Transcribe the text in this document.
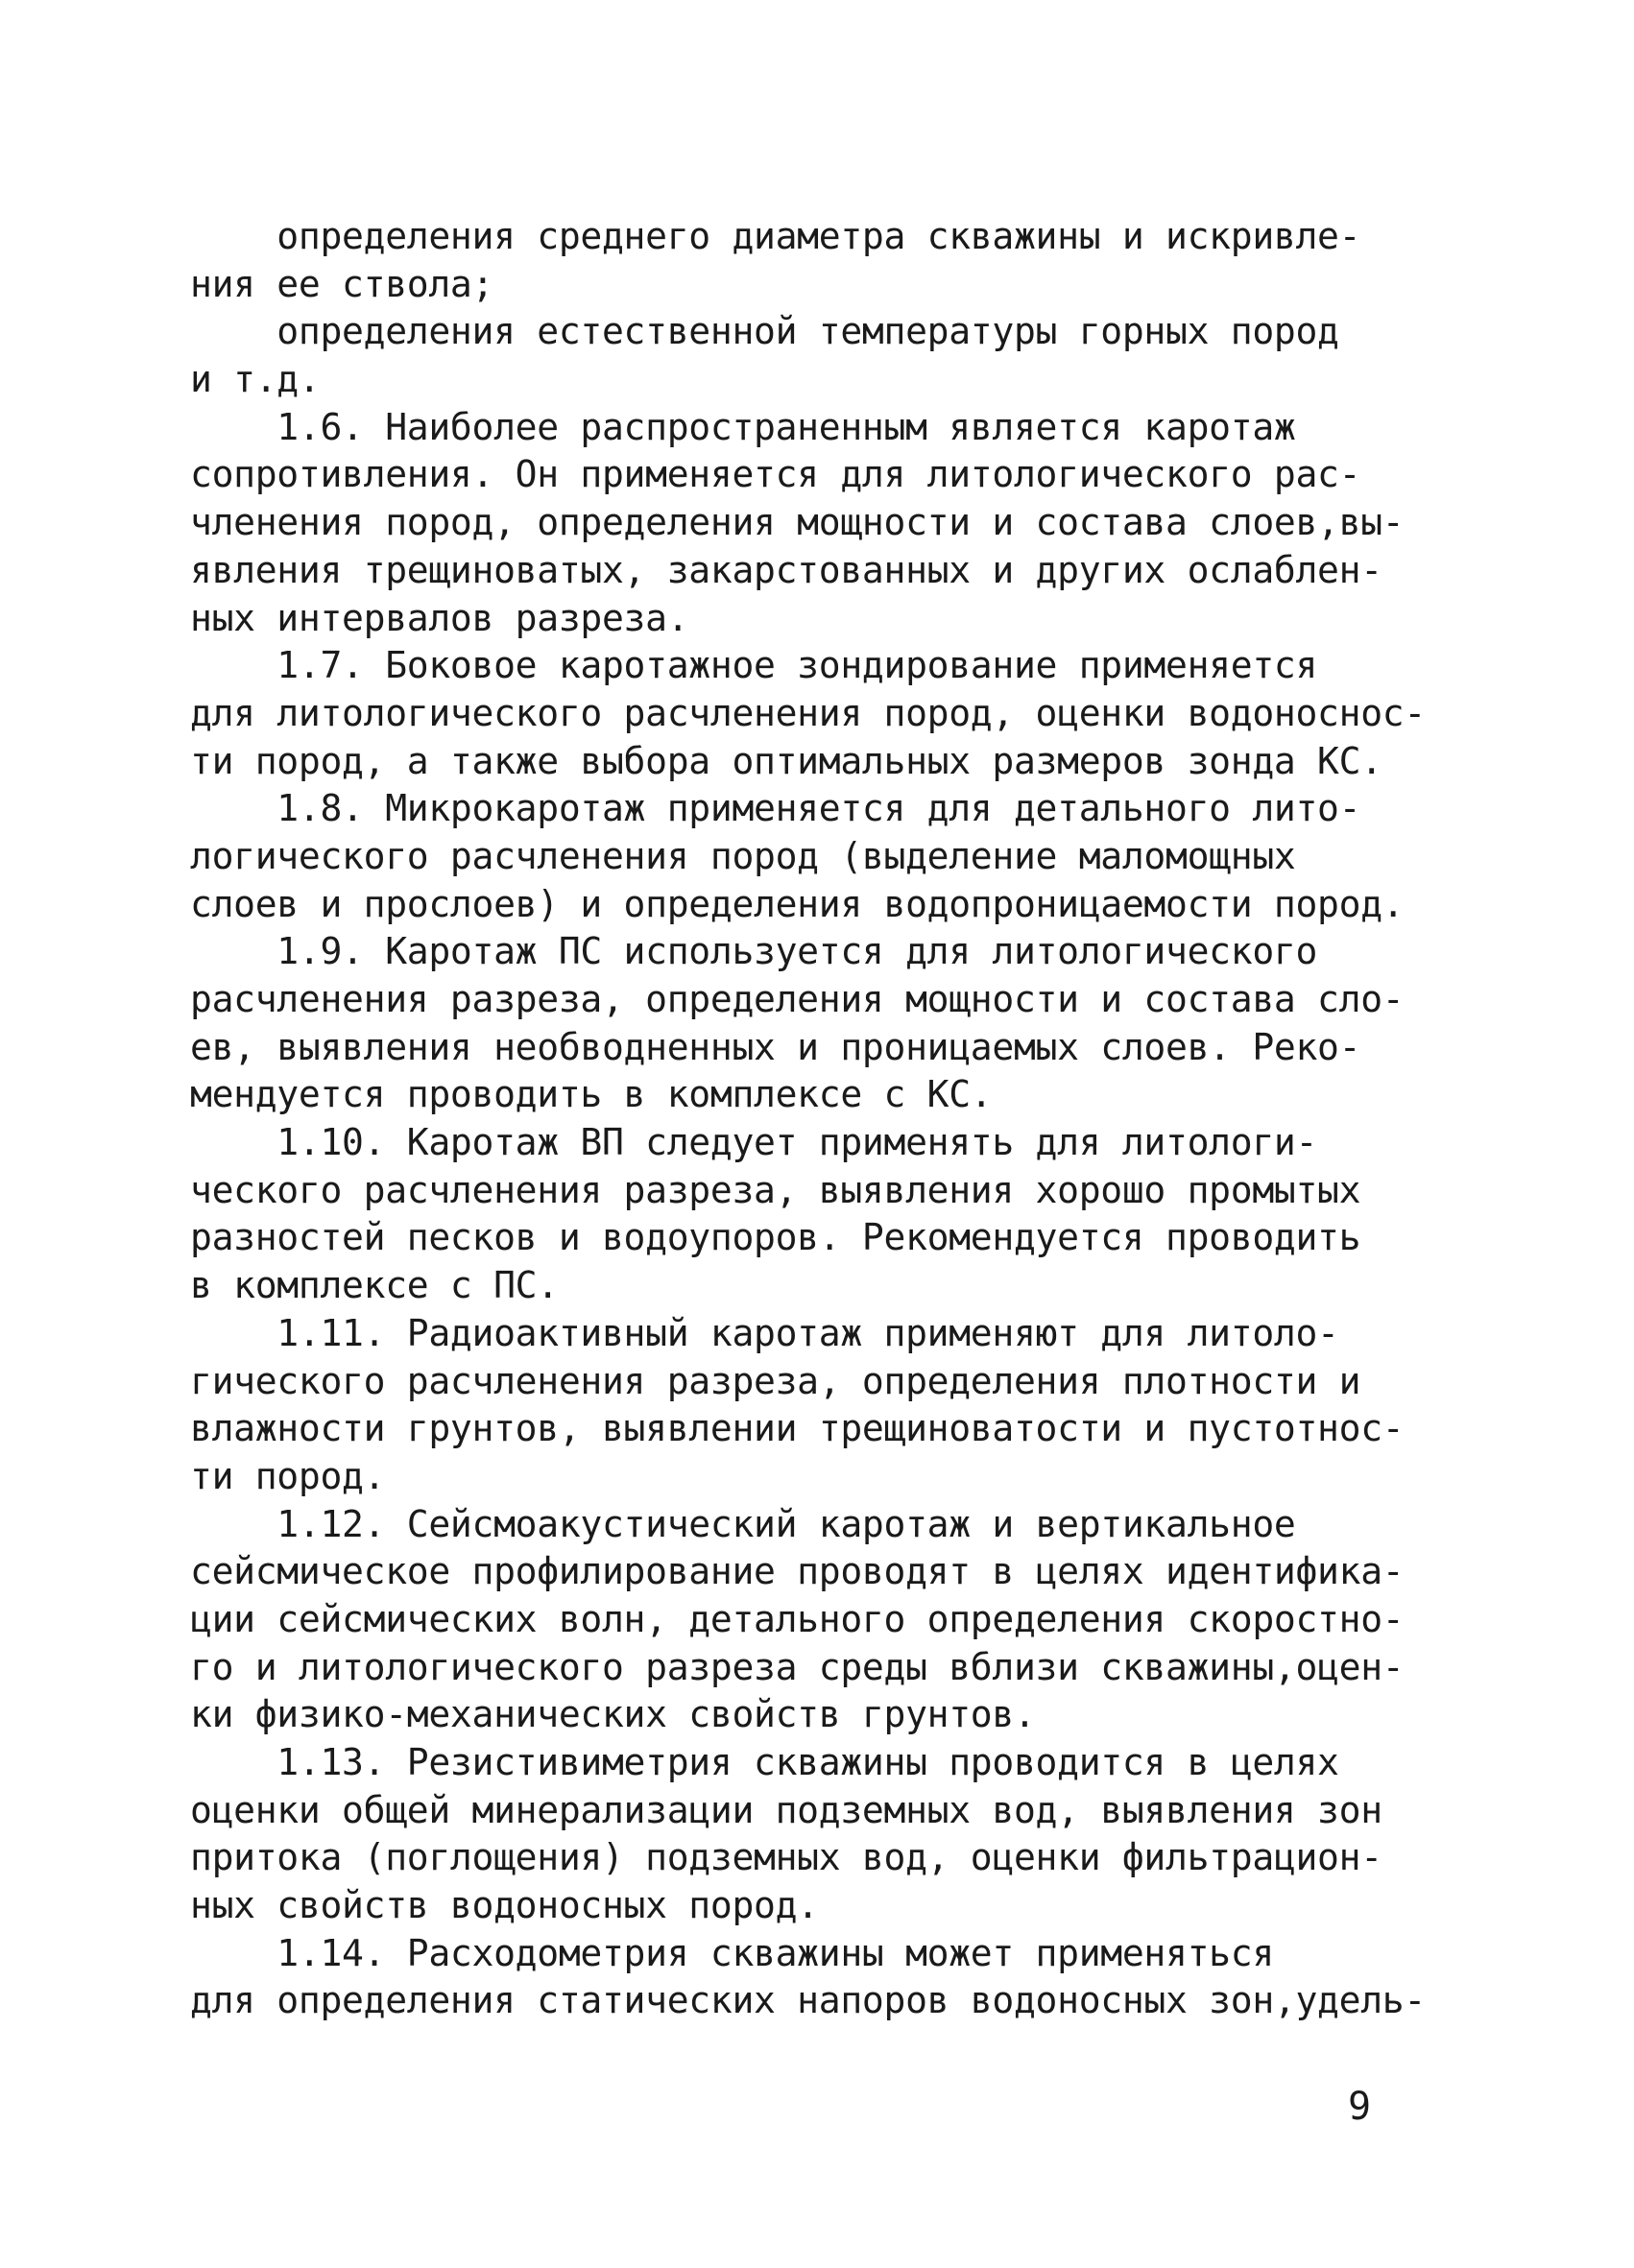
определения среднего диаметра скважины и искривле-
ния ее ствола;
определения естественной температуры горных пород
и т.д.
1.6. Наиболее распространенным является каротаж
сопротивления. Он применяется для литологического рас-
членения пород, определения мощности и состава слоев,вы-
явления трещиноватых, закарстованных и других ослаблен-
ных интервалов разреза.
1.7. Боковое каротажное зондирование применяется
для литологического расчленения пород, оценки водоноснос-
ти пород, а также выбора оптимальных размеров зонда КС.
1.8. Микрокаротаж применяется для детального лито-
логического расчленения пород (выделение маломощных
слоев и прослоев) и определения водопроницаемости пород.
1.9. Каротаж ПС используется для литологического
расчленения разреза, определения мощности и состава сло-
ев, выявления необводненных и проницаемых слоев. Реко-
мендуется проводить в комплексе с КС.
1.10. Каротаж ВП следует применять для литологи-
ческого расчленения разреза, выявления хорошо промытых
разностей песков и водоупоров. Рекомендуется проводить
в комплексе с ПС.
1.11. Радиоактивный каротаж применяют для литоло-
гического расчленения разреза, определения плотности и
влажности грунтов, выявлении трещиноватости и пустотнос-
ти пород.
1.12. Сейсмоакустический каротаж и вертикальное
сейсмическое профилирование проводят в целях идентифика-
ции сейсмических волн, детального определения скоростно-
го и литологического разреза среды вблизи скважины,оцен-
ки физико-механических свойств грунтов.
1.13. Резистивиметрия скважины проводится в целях
оценки общей минерализации подземных вод, выявления зон
притока (поглощения) подземных вод, оценки фильтрацион-
ных свойств водоносных пород.
1.14. Расходометрия скважины может применяться
для определения статических напоров водоносных зон,удель-
9
